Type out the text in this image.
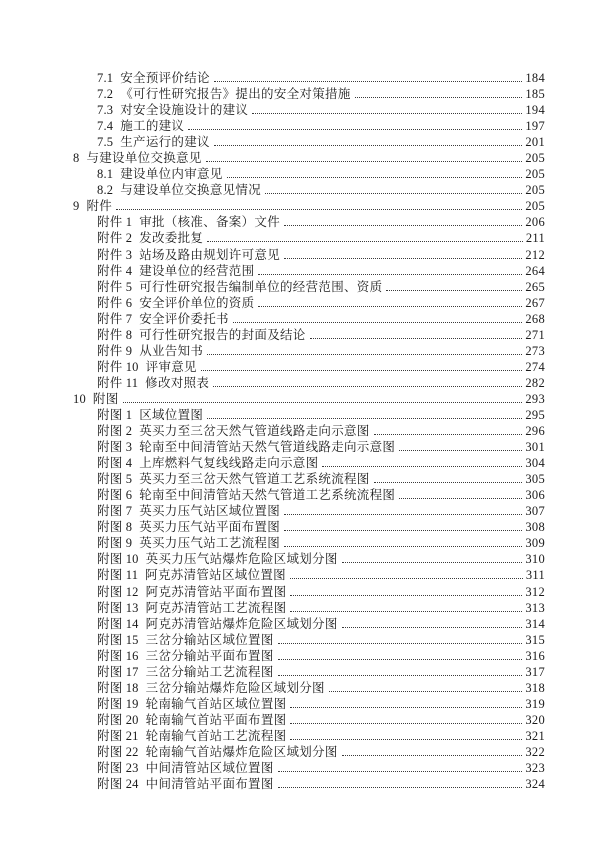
7.1 安全预评价结论	184
7.2 《可行性研究报告》提出的安全对策措施	185
7.3 对安全设施设计的建议	194
7.4 施工的建议	197
7.5 生产运行的建议	201
8 与建设单位交换意见	205
8.1 建设单位内审意见	205
8.2 与建设单位交换意见情况	205
9 附件	205
附件 1 审批（核准、备案）文件	206
附件 2 发改委批复	211
附件 3 站场及路由规划许可意见	212
附件 4 建设单位的经营范围	264
附件 5 可行性研究报告编制单位的经营范围、资质	265
附件 6 安全评价单位的资质	267
附件 7 安全评价委托书	268
附件 8 可行性研究报告的封面及结论	271
附件 9 从业告知书	273
附件 10 评审意见	274
附件 11 修改对照表	282
10 附图	293
附图 1 区域位置图	295
附图 2 英买力至三岔天然气管道线路走向示意图	296
附图 3 轮南至中间清管站天然气管道线路走向示意图	301
附图 4 上库燃料气复线线路走向示意图	304
附图 5 英买力至三岔天然气管道工艺系统流程图	305
附图 6 轮南至中间清管站天然气管道工艺系统流程图	306
附图 7 英买力压气站区域位置图	307
附图 8 英买力压气站平面布置图	308
附图 9 英买力压气站工艺流程图	309
附图 10 英买力压气站爆炸危险区域划分图	310
附图 11 阿克苏清管站区域位置图	311
附图 12 阿克苏清管站平面布置图	312
附图 13 阿克苏清管站工艺流程图	313
附图 14 阿克苏清管站爆炸危险区域划分图	314
附图 15 三岔分输站区域位置图	315
附图 16 三岔分输站平面布置图	316
附图 17 三岔分输站工艺流程图	317
附图 18 三岔分输站爆炸危险区域划分图	318
附图 19 轮南输气首站区域位置图	319
附图 20 轮南输气首站平面布置图	320
附图 21 轮南输气首站工艺流程图	321
附图 22 轮南输气首站爆炸危险区域划分图	322
附图 23 中间清管站区域位置图	323
附图 24 中间清管站平面布置图	324
